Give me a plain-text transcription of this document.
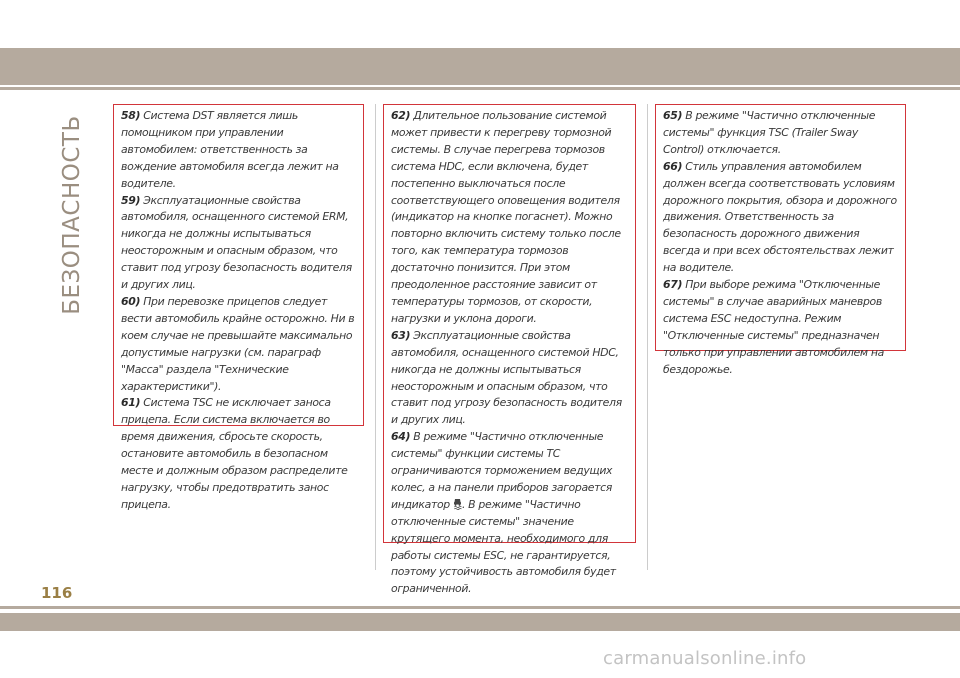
БЕЗОПАСНОСТЬ	58) Система DST является лишь помощником при управлении автомобилем: ответственность за вождение автомобиля всегда лежит на водителе.

59) Эксплуатационные свойства автомобиля, оснащенного системой ERM, никогда не должны испытываться неосторожным и опасным образом, что ставит под угрозу безопасность водителя и других лиц.

60) При перевозке прицепов следует вести автомобиль крайне осторожно. Ни в коем случае не превышайте максимально допустимые нагрузки (см. параграф "Масса" раздела "Технические характеристики").

61) Система TSC не исключает заноса прицепа. Если система включается во время движения, сбросьте скорость, остановите автомобиль в безопасном месте и должным образом распределите нагрузку, чтобы предотвратить занос прицепа.

62) Длительное пользование системой может привести к перегреву тормозной системы. В случае перегрева тормозов система HDC, если включена, будет постепенно выключаться после соответствующего оповещения водителя (индикатор на кнопке погаснет). Можно повторно включить систему только после того, как температура тормозов достаточно понизится. При этом преодоленное расстояние зависит от температуры тормозов, от скорости, нагрузки и уклона дороги.

63) Эксплуатационные свойства автомобиля, оснащенного системой HDC, никогда не должны испытываться неосторожным и опасным образом, что ставит под угрозу безопасность водителя и других лиц.

64) В режиме "Частично отключенные системы" функции системы TC ограничиваются торможением ведущих колес, а на панели приборов загорается индикатор . В режиме "Частично отключенные системы" значение крутящего момента, необходимого для работы системы ESC, не гарантируется, поэтому устойчивость автомобиля будет ограниченной.

65) В режиме "Частично отключенные системы" функция TSC (Trailer Sway Control) отключается.

66) Стиль управления автомобилем должен всегда соответствовать условиям дорожного покрытия, обзора и дорожного движения. Ответственность за безопасность дорожного движения всегда и при всех обстоятельствах лежит на водителе.

67) При выборе режима "Отключенные системы" в случае аварийных маневров система ESC недоступна. Режим "Отключенные системы" предназначен только при управлении автомобилем на бездорожье.

116
carmanualsonline.info
